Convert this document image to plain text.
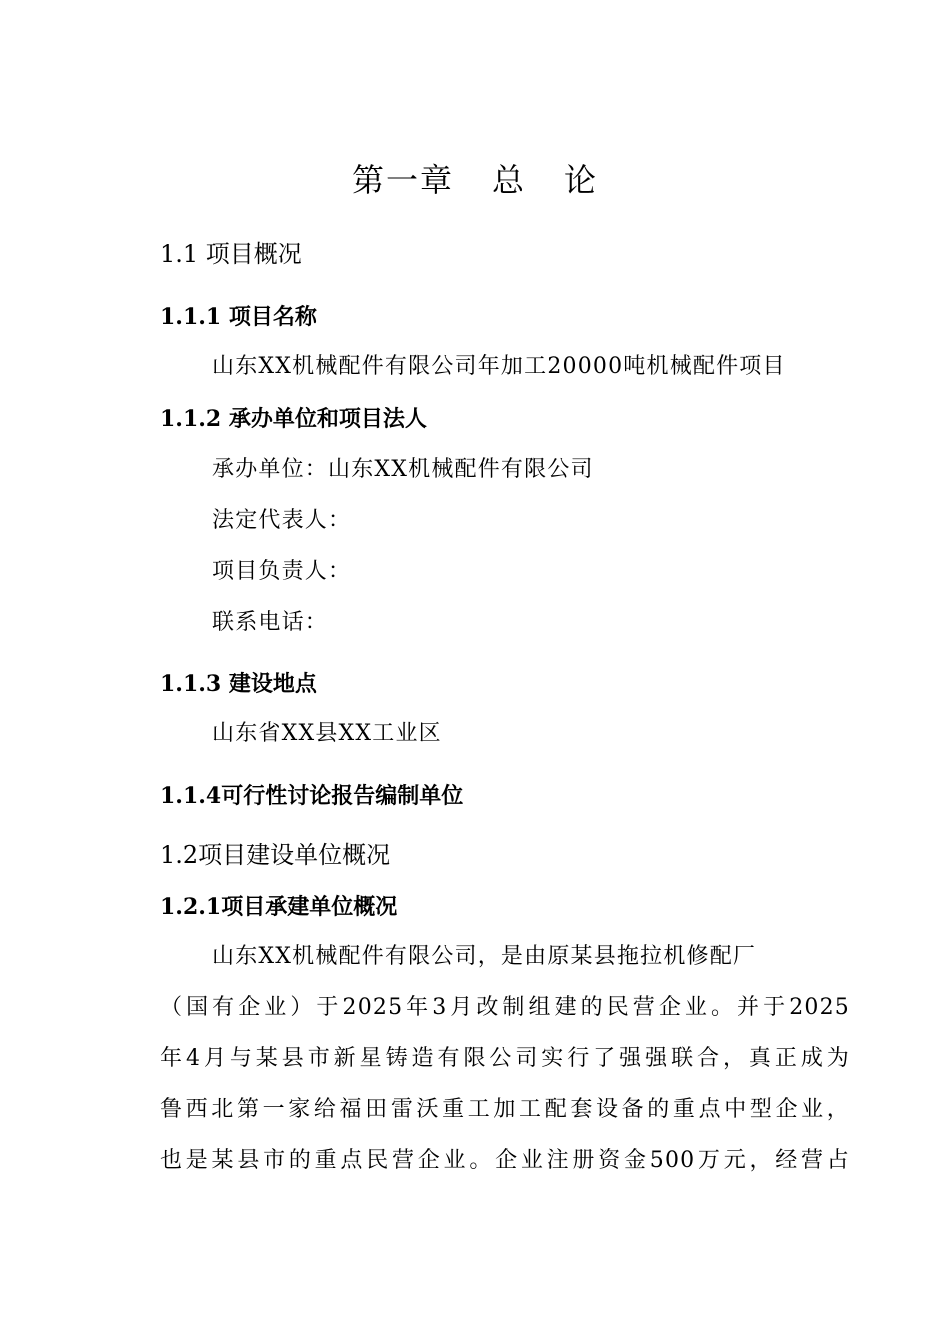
第一章 总 论
1.1 项目概况
1.1.1 项目名称
山东XX机械配件有限公司年加工20000吨机械配件项目
1.1.2 承办单位和项目法人
承办单位：山东XX机械配件有限公司
法定代表人：
项目负责人：
联系电话：
1.1.3 建设地点
山东省XX县XX工业区
1.1.4可行性讨论报告编制单位
1.2项目建设单位概况
1.2.1项目承建单位概况
山东XX机械配件有限公司，是由原某县拖拉机修配厂
（国有企业）于2025年3月改制组建的民营企业。并于2025
年4月与某县市新星铸造有限公司实行了强强联合，真正成为
鲁西北第一家给福田雷沃重工加工配套设备的重点中型企业，
也是某县市的重点民营企业。企业注册资金500万元，经营占
